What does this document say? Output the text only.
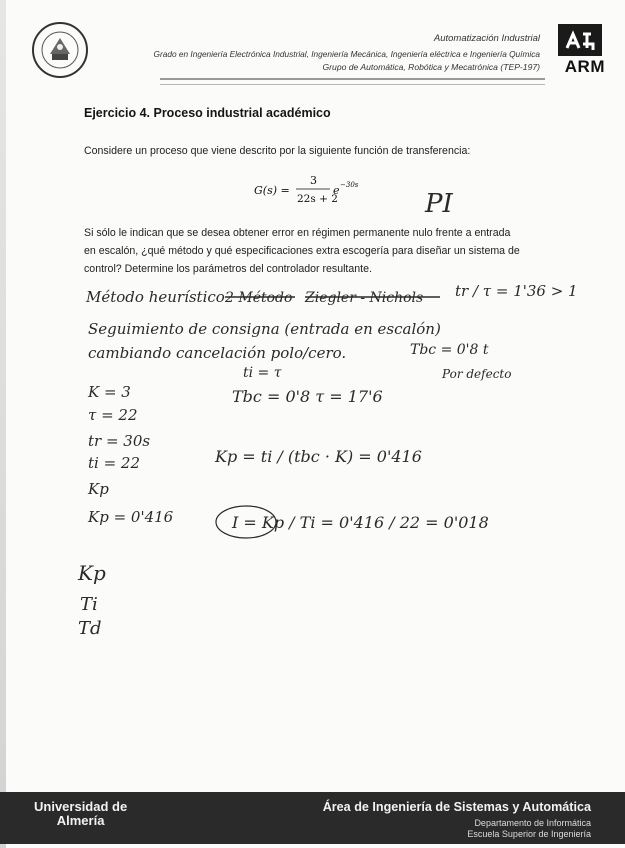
Automatización Industrial
Grado en Ingeniería Electrónica Industrial, Ingeniería Mecánica, Ingeniería eléctrica e Ingeniería Química
Grupo de Automática, Robótica y Mecatrónica (TEP-197) ARM
Ejercicio 4. Proceso industrial académico
Considere un proceso que viene descrito por la siguiente función de transferencia:
G(s) =
3
22s + 2
e −30s
Si sólo le indican que se desea obtener error en régimen permanente nulo frente a entrada
en escalón, ¿qué método y qué especificaciones extra escogería para diseñar un sistema de
control? Determine los parámetros del controlador resultante.
PI
tr / τ = 1'36 > 1
Método heurístico 2 Método Ziegler - Nichols
Seguimiento de consigna (entrada en escalón)
cambiando cancelación polo/cero.	Tbc = 0'8 t
Por defecto
ti = τ
Tbc = 0'8 τ = 17'6
K = 3
τ = 22
tr = 30s
ti = 22
Kp
Kp = 0'416
Kp = ti / (tbc · K) = 0'416
I = Kp / Ti = 0'416 / 22 = 0'018
Kp
Ti
Td
Universidad de
Almería
Área de Ingeniería de Sistemas y Automática
Departamento de Informática
Escuela Superior de Ingeniería
